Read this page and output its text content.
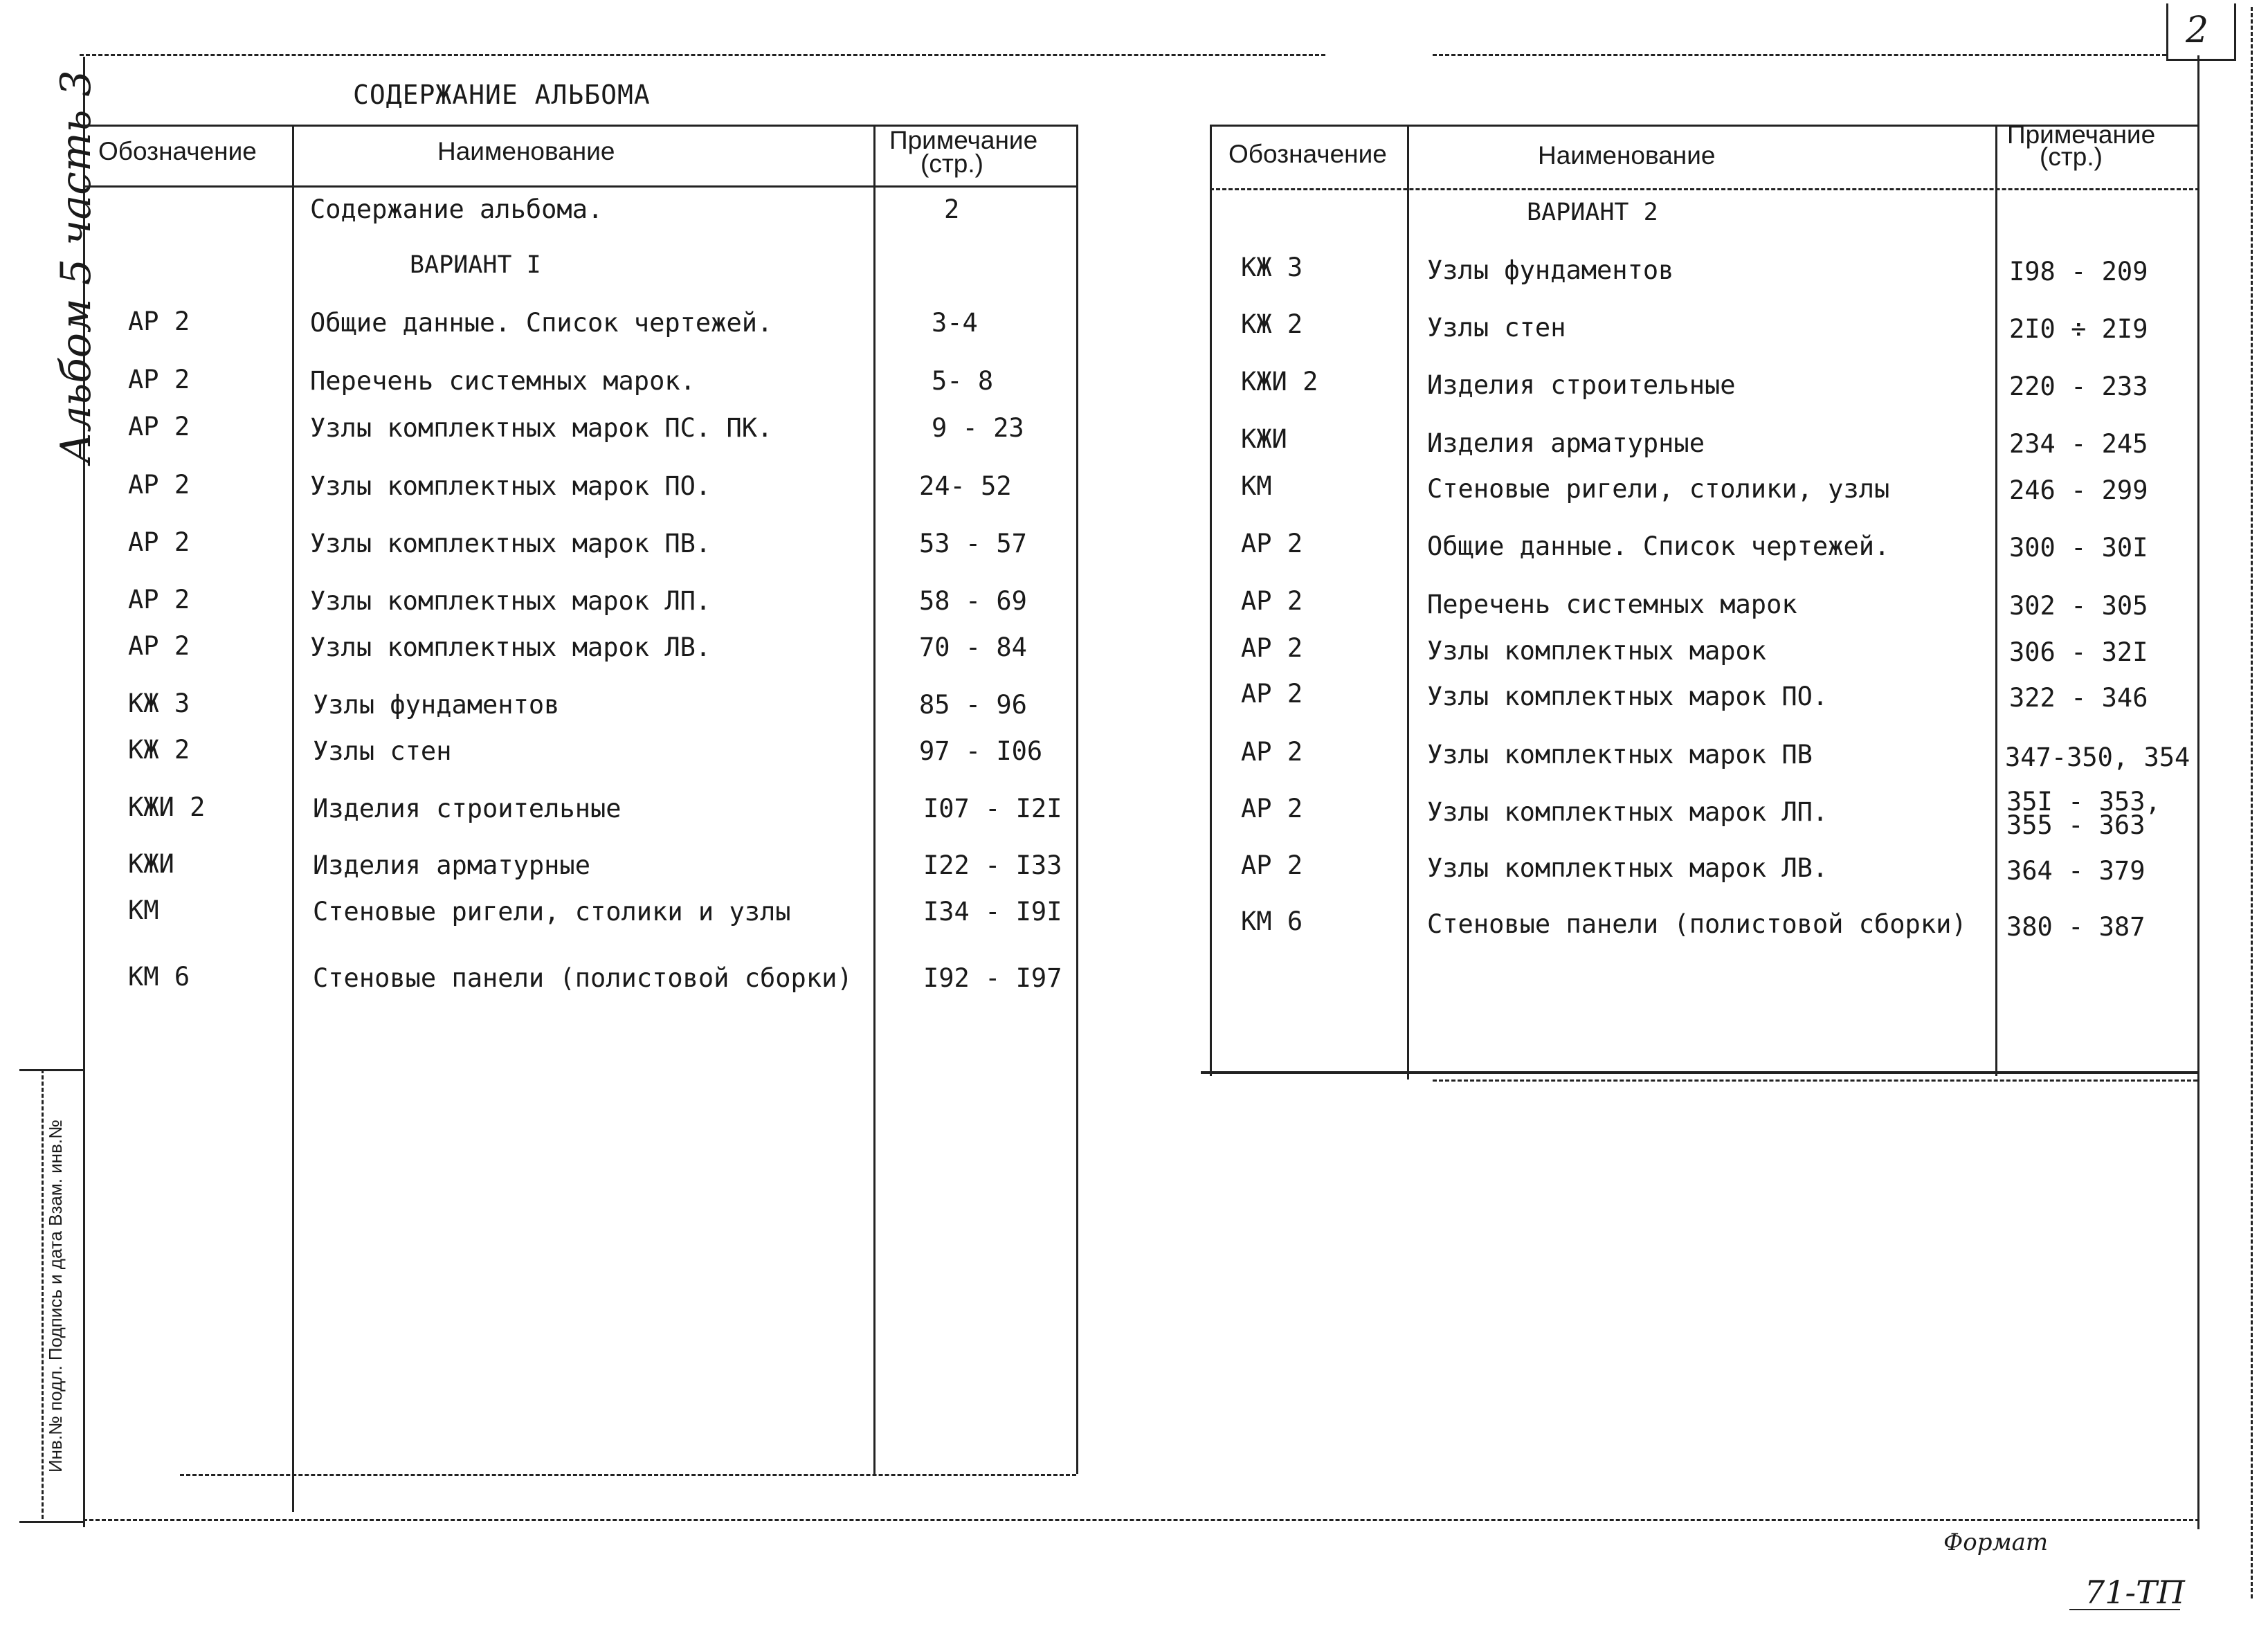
2
Альбом 5 часть 3
Инв.№ подл. Подпись и дата Взам. инв.№
СОДЕРЖАНИЕ АЛЬБОМА
Обозначение	Наименование	Примечание
(стр.)
Содержание альбома.	2
ВАРИАНТ I
АР 2	Общие данные. Список чертежей.	3-4
АР 2	Перечень системных марок.	5- 8
АР 2	Узлы комплектных марок ПС. ПК.	9 - 23
АР 2	Узлы комплектных марок ПО.	24- 52
АР 2	Узлы комплектных марок ПВ.	53 - 57
АР 2	Узлы комплектных марок ЛП.	58 - 69
АР 2	Узлы комплектных марок ЛВ.	70 - 84
КЖ 3	Узлы фундаментов	85 - 96
КЖ 2	Узлы стен	97 - I06
КЖИ 2	Изделия строительные	I07 - I2I
КЖИ	Изделия арматурные	I22 - I33
КМ	Стеновые ригели, столики и узлы	I34 - I9I
КМ 6	Стеновые панели (полистовой сборки)	I92 - I97
Обозначение	Наименование
Примечание
(стр.)
ВАРИАНТ 2
КЖ 3	Узлы фундаментов	I98 - 209
КЖ 2	Узлы стен	2I0 ÷ 2I9
КЖИ 2	Изделия строительные	220 - 233
КЖИ	Изделия арматурные	234 - 245
КМ	Стеновые ригели, столики, узлы	246 - 299
АР 2	Общие данные. Список чертежей.	300 - 30I
АР 2	Перечень системных марок	302 - 305
АР 2	Узлы комплектных марок	306 - 32I
АР 2	Узлы комплектных марок ПО.	322 - 346
АР 2	Узлы комплектных марок ПВ	347-350, 354
АР 2	Узлы комплектных марок ЛП.	35I - 353,
355 - 363
АР 2	Узлы комплектных марок ЛВ.	364 - 379
КМ 6	Стеновые панели (полистовой сборки) 380 - 387
Формат
71-ТП
